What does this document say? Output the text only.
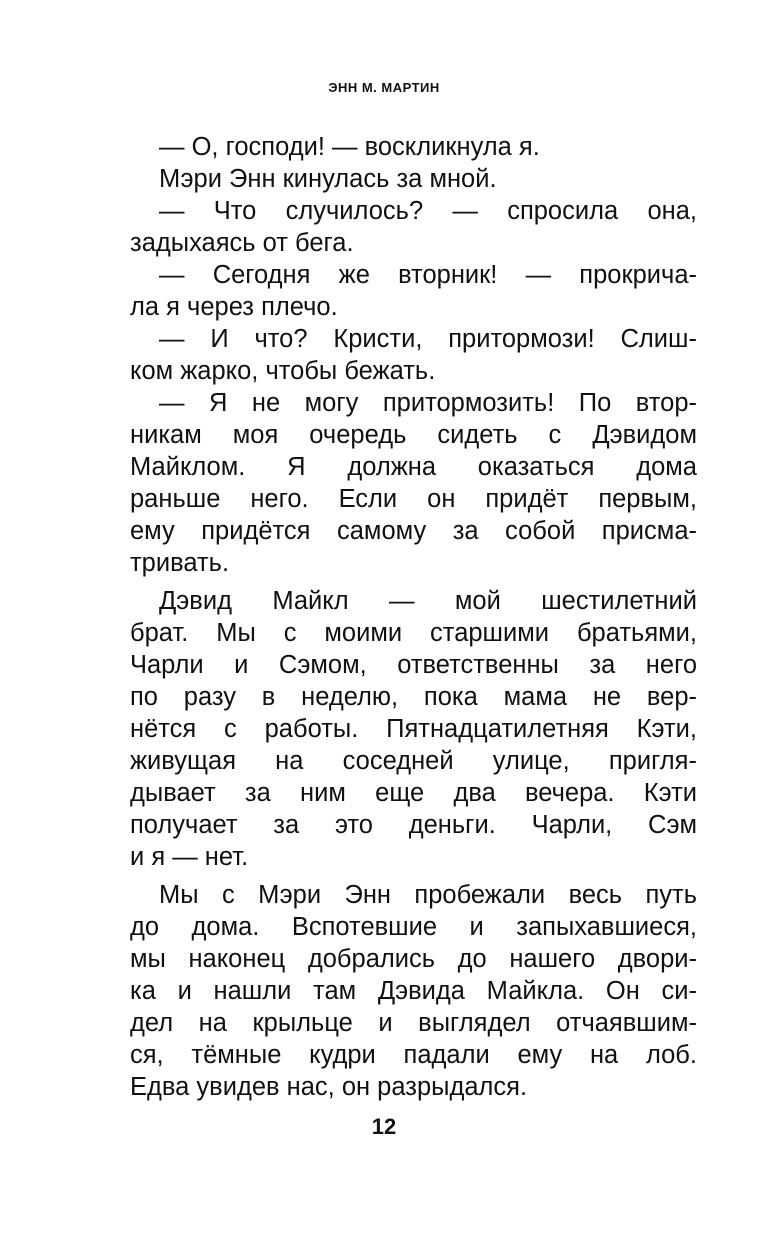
ЭНН М. МАРТИН
— О, господи! — воскликнула я.
Мэри Энн кинулась за мной.
— Что случилось? — спросила она,
задыхаясь от бега.
— Сегодня же вторник! — прокрича-
ла я через плечо.
— И что? Кристи, притормози! Слиш-
ком жарко, чтобы бежать.
— Я не могу притормозить! По втор-
никам моя очередь сидеть с Дэвидом
Майклом. Я должна оказаться дома
раньше него. Если он придёт первым,
ему придётся самому за собой присма-
тривать.
Дэвид Майкл — мой шестилетний
брат. Мы с моими старшими братьями,
Чарли и Сэмом, ответственны за него
по разу в неделю, пока мама не вер-
нётся с работы. Пятнадцатилетняя Кэти,
живущая на соседней улице, пригля-
дывает за ним еще два вечера. Кэти
получает за это деньги. Чарли, Сэм
и я — нет.
Мы с Мэри Энн пробежали весь путь
до дома. Вспотевшие и запыхавшиеся,
мы наконец добрались до нашего двори-
ка и нашли там Дэвида Майкла. Он си-
дел на крыльце и выглядел отчаявшим-
ся, тёмные кудри падали ему на лоб.
Едва увидев нас, он разрыдался.
12
